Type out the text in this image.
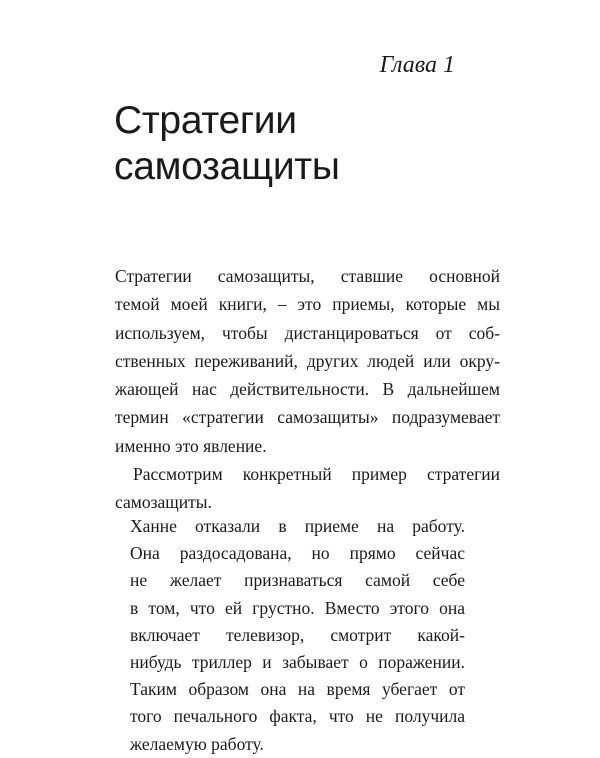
Глава 1
Стратегии
самозащиты
Стратегии самозащиты, ставшие основной
темой моей книги, – это приемы, которые мы
используем, чтобы дистанцироваться от соб-
ственных переживаний, других людей или окру-
жающей нас действительности. В дальнейшем
термин «стратегии самозащиты» подразумевает
именно это явление.
Рассмотрим конкретный пример стратегии
самозащиты.
Ханне отказали в приеме на работу.
Она раздосадована, но прямо сейчас
не желает признаваться самой себе
в том, что ей грустно. Вместо этого она
включает телевизор, смотрит какой-
нибудь триллер и забывает о поражении.
Таким образом она на время убегает от
того печального факта, что не получила
желаемую работу.
